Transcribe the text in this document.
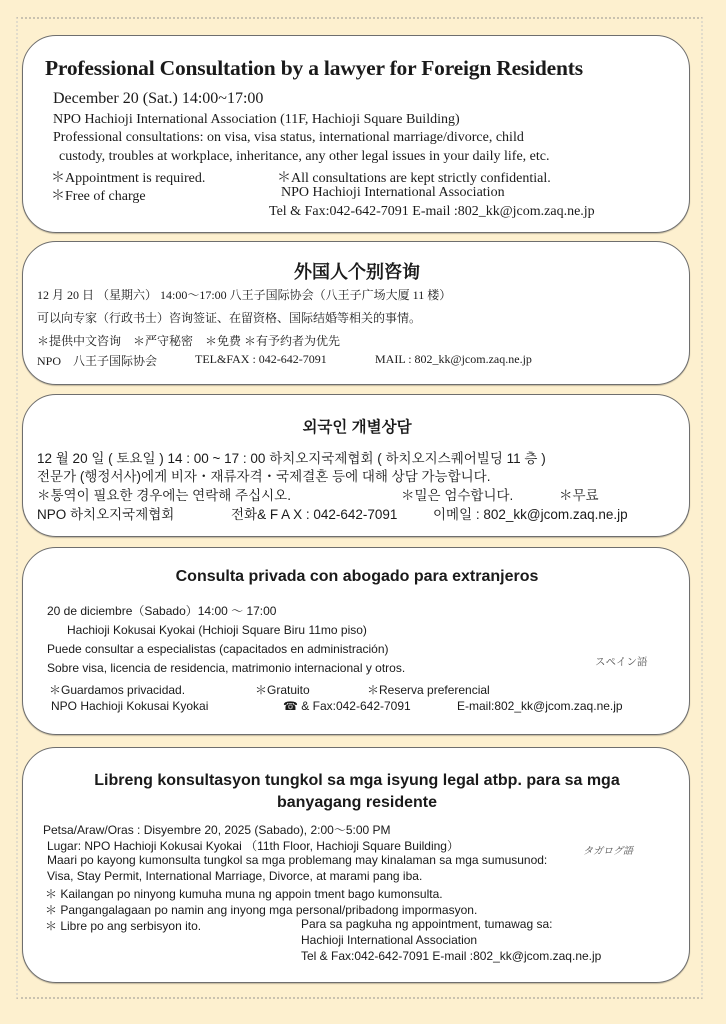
Professional Consultation by a lawyer for Foreign Residents
December 20 (Sat.) 14:00~17:00
NPO Hachioji International Association (11F, Hachioji Square Building)
Professional consultations: on visa, visa status, international marriage/divorce, child
custody, troubles at workplace, inheritance, any other legal issues in your daily life, etc.
＊Appointment is required.	＊All consultations are kept strictly confidential.
＊Free of charge	NPO Hachioji International Association
Tel & Fax:042-642-7091 E-mail :802_kk@jcom.zaq.ne.jp
外国人个别咨询
12 月 20 日 （星期六） 14:00～17:00 八王子国际协会（八王子广场大厦 11 楼）
可以向专家（行政书士）咨询签证、在留资格、国际结婚等相关的事情。
＊提供中文咨询　＊严守秘密　＊免费 ＊有予约者为优先
NPO　八王子国际协会	TEL&FAX : 042-642-7091	MAIL : 802_kk@jcom.zaq.ne.jp
외국인 개별상담
12 월 20 일 ( 토요일 ) 14 : 00 ~ 17 : 00 하치오지국제협회 ( 하치오지스퀘어빌딩 11 층 )
전문가 (행정서사)에게 비자・재류자격・국제결혼 등에 대해 상담 가능합니다.
＊통역이 필요한 경우에는 연락해 주십시오.	＊밀은 엄수합니다.	＊무료
NPO 하치오지국제협회	전화& F A X : 042-642-7091	이메일 : 802_kk@jcom.zaq.ne.jp
Consulta privada con abogado para extranjeros
20 de diciembre（Sabado）14:00 ～ 17:00
Hachioji Kokusai Kyokai (Hchioji Square Biru 11mo piso)
Puede consultar a especialistas (capacitados en administración)
Sobre visa, licencia de residencia, matrimonio internacional y otros.	スペイン語
＊Guardamos privacidad.	＊Gratuito	＊Reserva preferencial
NPO Hachioji Kokusai Kyokai	☎ & Fax:042-642-7091	E-mail:802_kk@jcom.zaq.ne.jp
Libreng konsultasyon tungkol sa mga isyung legal atbp. para sa mga
banyagang residente
Petsa/Araw/Oras : Disyembre 20, 2025 (Sabado), 2:00～5:00 PM
Lugar: NPO Hachioji Kokusai Kyokai （11th Floor, Hachioji Square Building）	タガログ語
Maari po kayong kumonsulta tungkol sa mga problemang may kinalaman sa mga sumusunod:
Visa, Stay Permit, International Marriage, Divorce, at marami pang iba.
＊ Kailangan po ninyong kumuha muna ng appoin tment bago kumonsulta.
＊ Pangangalagaan po namin ang inyong mga personal/pribadong impormasyon.
＊ Libre po ang serbisyon ito.	Para sa pagkuha ng appointment, tumawag sa:
Hachioji International Association
Tel & Fax:042-642-7091 E-mail :802_kk@jcom.zaq.ne.jp
